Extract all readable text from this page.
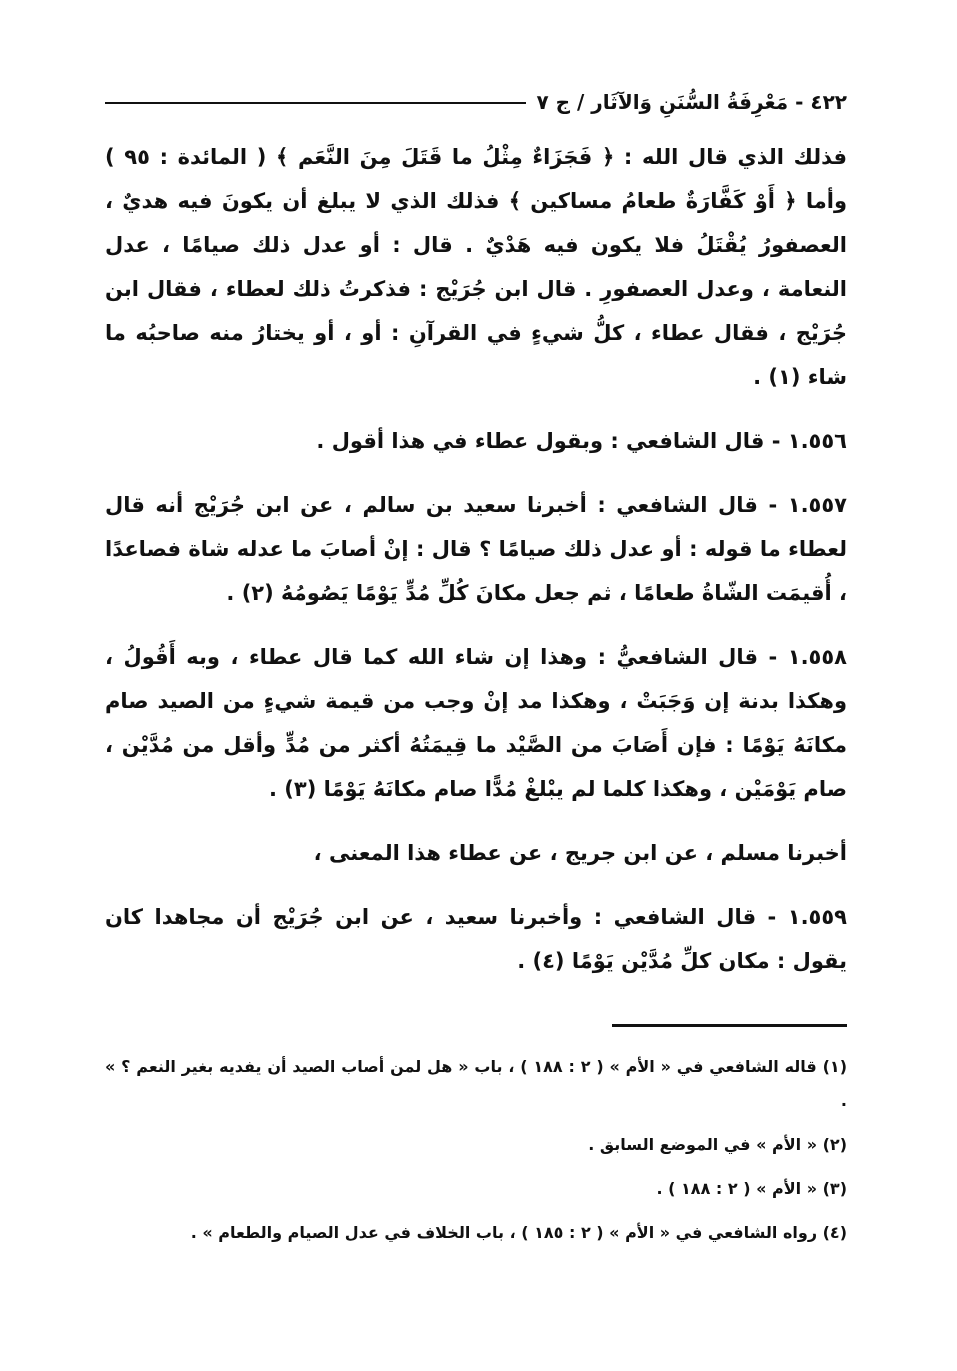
٤٢٢ - مَعْرِفَةُ السُّنَنِ وَالآثَار / ج ٧

فذلك الذي قال الله : ﴿ فَجَزَاءٌ مِثْلُ ما قَتَلَ مِنَ النَّعَم ﴾ ( المائدة : ٩٥ ) وأما ﴿ أَوْ كَفَّارَةٌ طعامُ مساكين ﴾ فذلك الذي لا يبلغ أن يكونَ فيه هديٌ ، العصفورُ يُقْتَلُ فلا يكون فيه هَدْيٌ . قال : أو عدل ذلك صيامًا ، عدل النعامة ، وعدل العصفورِ . قال ابن جُرَيْج : فذكرتُ ذلك لعطاء ، فقال ابن جُرَيْج ، فقال عطاء ، كلُّ شيءٍ في القرآنِ : أو ، أو يختارُ منه صاحبُه ما شاء (١) .

١.٥٥٦ - قال الشافعي : وبقول عطاء في هذا أقول .

١.٥٥٧ - قال الشافعي : أخبرنا سعيد بن سالم ، عن ابن جُرَيْج أنه قال لعطاء ما قوله : أو عدل ذلك صيامًا ؟ قال : إنْ أصابَ ما عدله شاة فصاعدًا ، أُقيمَت الشّاةُ طعامًا ، ثم جعل مكانَ كُلِّ مُدٍّ يَوْمًا يَصُومُهُ (٢) .

١.٥٥٨ - قال الشافعيُّ : وهذا إن شاء الله كما قال عطاء ، وبه أَقُولُ ، وهكذا بدنة إن وَجَبَتْ ، وهكذا مد إنْ وجب من قيمة شيءٍ من الصيد صام مكانَهُ يَوْمًا : فإن أَصَابَ من الصَّيْد ما قِيمَتُهُ أكثر من مُدٍّ وأقل من مُدَّيْن ، صام يَوْمَيْن ، وهكذا كلما لم يبْلغْ مُدًّا صام مكانَهُ يَوْمًا (٣) .

أخبرنا مسلم ، عن ابن جريج ، عن عطاء هذا المعنى ،

١.٥٥٩ - قال الشافعي : وأخبرنا سعيد ، عن ابن جُرَيْج أن مجاهدا كان يقول : مكان كلِّ مُدَّيْن يَوْمًا (٤) .

(١) قاله الشافعي في « الأم » ( ٢ : ١٨٨ ) ، باب « هل لمن أصاب الصيد أن يفديه بغير النعم ؟ » .

(٢) « الأم » في الموضع السابق .

(٣) « الأم » ( ٢ : ١٨٨ ) .

(٤) رواه الشافعي في « الأم » ( ٢ : ١٨٥ ) ، باب الخلاف في عدل الصيام والطعام » .
